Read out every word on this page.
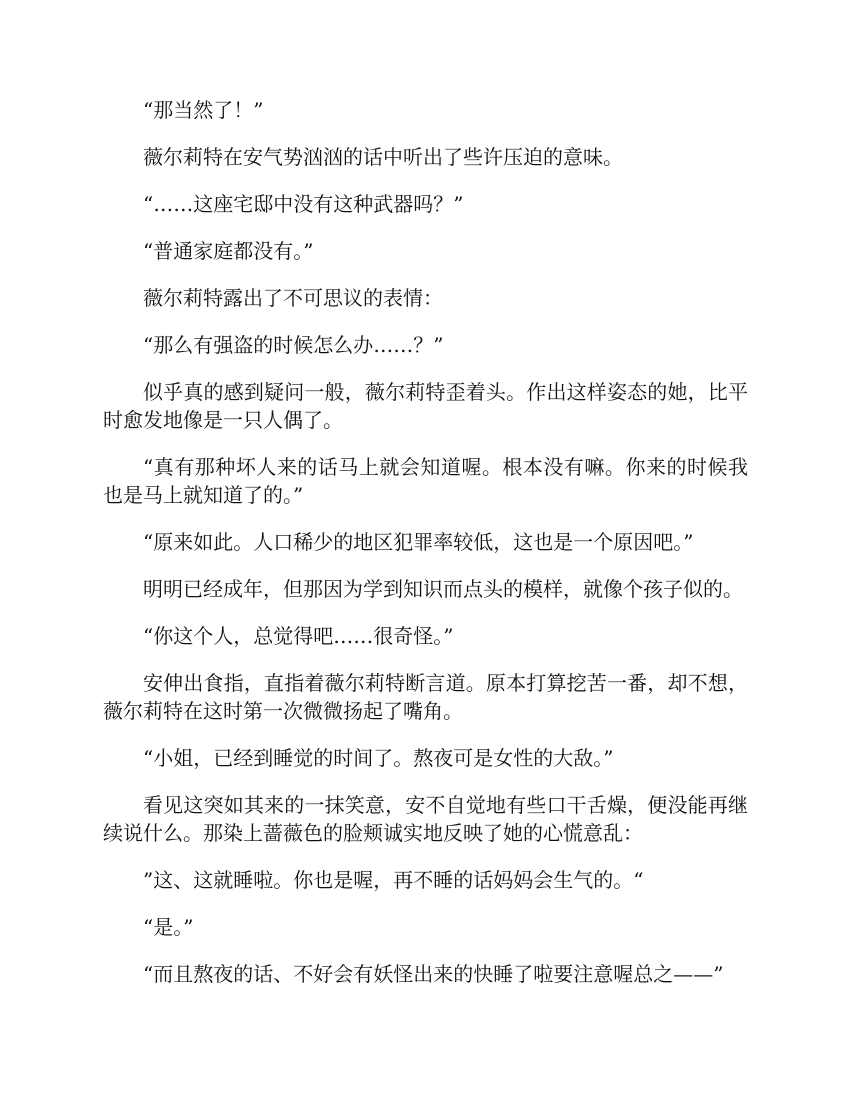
“那当然了！”

薇尔莉特在安气势汹汹的话中听出了些许压迫的意味。

“……这座宅邸中没有这种武器吗？”

“普通家庭都没有。”

薇尔莉特露出了不可思议的表情：

“那么有强盗的时候怎么办……？”

似乎真的感到疑问一般，薇尔莉特歪着头。作出这样姿态的她，比平时愈发地像是一只人偶了。

“真有那种坏人来的话马上就会知道喔。根本没有嘛。你来的时候我也是马上就知道了的。”

“原来如此。人口稀少的地区犯罪率较低，这也是一个原因吧。”

明明已经成年，但那因为学到知识而点头的模样，就像个孩子似的。

“你这个人，总觉得吧……很奇怪。”

安伸出食指，直指着薇尔莉特断言道。原本打算挖苦一番，却不想，薇尔莉特在这时第一次微微扬起了嘴角。

“小姐，已经到睡觉的时间了。熬夜可是女性的大敌。”

看见这突如其来的一抹笑意，安不自觉地有些口干舌燥，便没能再继续说什么。那染上蔷薇色的脸颊诚实地反映了她的心慌意乱：

”这、这就睡啦。你也是喔，再不睡的话妈妈会生气的。“

“是。”

“而且熬夜的话、不好会有妖怪出来的快睡了啦要注意喔总之——”
